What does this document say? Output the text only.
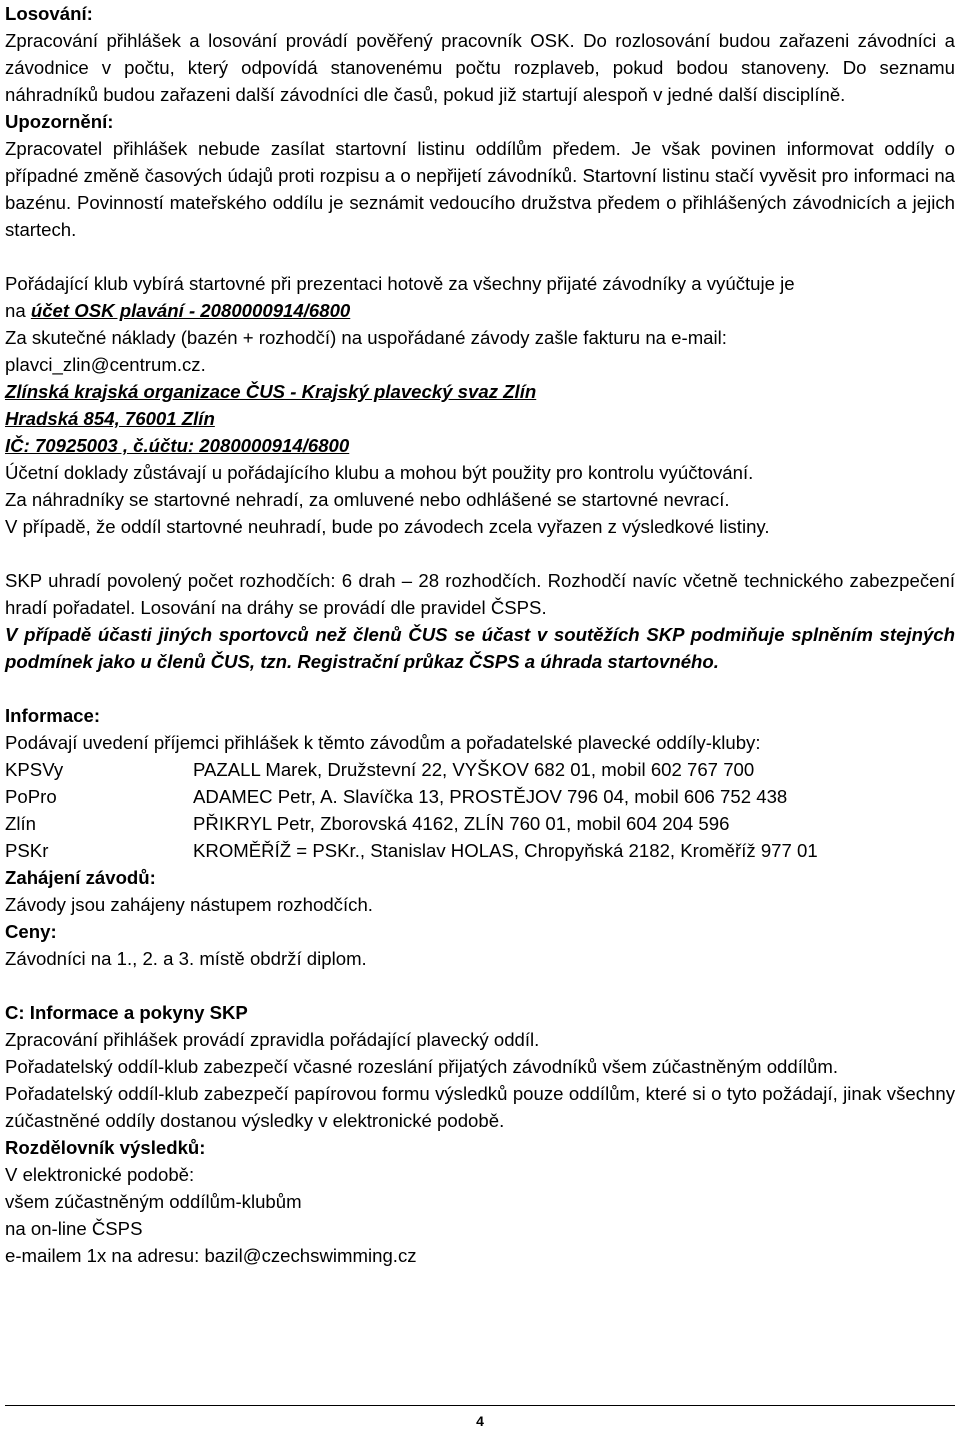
Losování:

Zpracování přihlášek a losování provádí pověřený pracovník OSK. Do rozlosování budou zařazeni závodníci a závodnice v počtu, který odpovídá stanovenému počtu rozplaveb, pokud bodou stanoveny. Do seznamu náhradníků budou zařazeni další závodníci dle časů, pokud již startují alespoň v jedné další disciplíně.

Upozornění:

Zpracovatel přihlášek nebude zasílat startovní listinu oddílům předem. Je však povinen informovat oddíly o případné změně časových údajů proti rozpisu a o nepřijetí závodníků. Startovní listinu stačí vyvěsit pro informaci na bazénu. Povinností mateřského oddílu je seznámit vedoucího družstva předem o přihlášených závodnicích a jejich startech.

Pořádající klub vybírá startovné při prezentaci hotově za všechny přijaté závodníky a vyúčtuje je

na účet OSK plavání - 2080000914/6800

Za skutečné náklady (bazén + rozhodčí) na uspořádané závody zašle fakturu na e-mail:

plavci_zlin@centrum.cz.

Zlínská krajská organizace ČUS - Krajský plavecký svaz Zlín

Hradská 854, 76001 Zlín

IČ: 70925003 , č.účtu: 2080000914/6800

Účetní doklady zůstávají u pořádajícího klubu a mohou být použity pro kontrolu vyúčtování.

Za náhradníky se startovné nehradí, za omluvené nebo odhlášené se startovné nevrací.

V případě, že oddíl startovné neuhradí, bude po závodech zcela vyřazen z výsledkové listiny.

SKP uhradí povolený počet rozhodčích: 6 drah – 28 rozhodčích. Rozhodčí navíc včetně technického zabezpečení hradí pořadatel. Losování na dráhy se provádí dle pravidel ČSPS.

V případě účasti jiných sportovců než členů ČUS se účast v soutěžích SKP podmiňuje splněním stejných podmínek jako u členů ČUS, tzn. Registrační průkaz ČSPS a úhrada startovného.

Informace:

Podávají uvedení příjemci přihlášek k těmto závodům a pořadatelské plavecké oddíly-kluby:

KPSVy	PAZALL Marek, Družstevní 22, VYŠKOV 682 01, mobil 602 767 700
PoPro	ADAMEC Petr, A. Slavíčka 13, PROSTĚJOV 796 04, mobil 606 752 438
Zlín	PŘIKRYL Petr, Zborovská 4162, ZLÍN 760 01, mobil 604 204 596
PSKr	KROMĚŘÍŽ = PSKr., Stanislav HOLAS, Chropyňská 2182, Kroměříž 977 01

Zahájení závodů:

Závody jsou zahájeny nástupem rozhodčích.

Ceny:

Závodníci na 1., 2. a 3. místě obdrží diplom.

C: Informace a pokyny SKP

Zpracování přihlášek provádí zpravidla pořádající plavecký oddíl.

Pořadatelský oddíl-klub zabezpečí včasné rozeslání přijatých závodníků všem zúčastněným oddílům.

Pořadatelský oddíl-klub zabezpečí papírovou formu výsledků pouze oddílům, které si o tyto požádají, jinak všechny zúčastněné oddíly dostanou výsledky v elektronické podobě.

Rozdělovník výsledků:

V elektronické podobě:

všem zúčastněným oddílům-klubům

na on-line ČSPS

e-mailem 1x na adresu: bazil@czechswimming.cz

4
